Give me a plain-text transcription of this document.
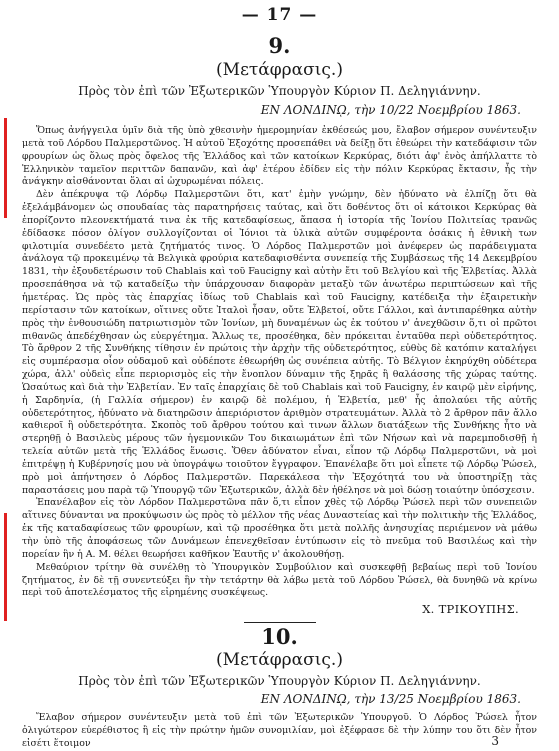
— 17 —
9.
(Μετάφρασις.)
Πρὸς τὸν ἐπὶ τῶν Ἐξωτερικῶν Ὑπουργὸν Κύριον Π. Δεληγιάννην.
ΕΝ ΛΟΝΔΙΝῼ, τὴν 10/22 Νοεμβρίου 1863.

Ὅπως ἀνήγγειλα ὑμῖν διὰ τῆς ὑπὸ χθεσινὴν ἡμερομηνίαν ἐκθέσεώς μου, ἔλαβον σήμερον συνέντευξιν μετὰ τοῦ Λόρδου Παλμερστῶνος. Ἡ αὐτοῦ Ἐξοχότης προσεπάθει νὰ δείξῃ ὅτι ἐθεώρει τὴν κατεδάφισιν τῶν φρουρίων ὡς ὅλως πρὸς ὄφελος τῆς Ἑλλάδος καὶ τῶν κατοίκων Κερκύρας, διότι ἀφ' ἑνὸς ἀπήλλαττε τὸ Ἑλληνικὸν ταμεῖον περιττῶν δαπανῶν, καὶ ἀφ' ἑτέρου ἐδίδεν εἰς τὴν πόλιν Κερκύρας ἔκτασιν, ἧς τὴν ἀνάγκην αἰσθάνονται ὅλαι αἱ ὠχυρωμέναι πόλεις.

Δὲν ἀπέκρυψα τῷ Λόρδῳ Παλμερστῶνι ὅτι, κατ' ἐμὴν γνώμην, δὲν ἠδύνατο νὰ ἐλπίζῃ ὅτι θὰ ἐξελάμβάνομεν ὡς σπουδαίας τὰς παρατηρήσεις ταύτας, καὶ ὅτι δοθέντος ὅτι οἱ κάτοικοι Κερκύρας θὰ ἐπορίζοντο πλεονεκτήματά τινα ἐκ τῆς κατεδαφίσεως, ἅπασα ἡ ἱστορία τῆς Ἰονίου Πολιτείας τρανῶς ἐδίδασκε πόσον ὀλίγον συλλογίζονται οἱ Ἰόνιοι τὰ ὑλικὰ αὐτῶν συμφέροντα ὁσάκις ἡ ἐθνικὴ των φιλοτιμία συνεδέετο μετὰ ζητήματός τινος. Ὁ Λόρδος Παλμερστῶν μοὶ ἀνέφερεν ὡς παράδειγματα ἀνάλογα τῷ προκειμένῳ τὰ Βελγικὰ φρούρια κατεδαφισθέντα συνεπείᾳ τῆς Συμβάσεως τῆς 14 Δεκεμβρίου 1831, τὴν ἐξουδετέρωσιν τοῦ Chablais καὶ τοῦ Faucigny καὶ αὐτὴν ἔτι τοῦ Βελγίου καὶ τῆς Ἑλβετίας. Ἀλλὰ προσεπάθησα νὰ τῷ καταδείξω τὴν ὑπάρχουσαν διαφορὰν μεταξὺ τῶν ἀνωτέρω περιπτώσεων καὶ τῆς ἡμετέρας. Ὡς πρὸς τὰς ἐπαρχίας ἰδίως τοῦ Chablais καὶ τοῦ Faucigny, κατέδειξα τὴν ἐξαιρετικὴν περίστασιν τῶν κατοίκων, οἵτινες οὔτε Ἰταλοὶ ἦσαν, οὔτε Ἑλβετοί, οὔτε Γάλλοι, καὶ ἀντιπαρέθηκα αὐτὴν πρὸς τὴν ἐνθουσιώδη πατριωτισμὸν τῶν Ἰονίων, μὴ δυναμένων ὡς ἐκ τούτου ν' ἀνεχθῶσιν ὅ,τι οἱ πρῶτοι πιθανῶς ἀπεδέχθησαν ὡς εὐεργέτημα. Ἄλλως τε, προσέθηκα, δὲν πρόκειται ἐνταῦθα περὶ οὐδετερότητος. Τὸ ἄρθρον 2 τῆς Συνθήκης τίθησιν ἐν πρώτοις τὴν ἀρχὴν τῆς οὐδετερότητος, εὐθὺς δὲ κατόπιν καταλήγει εἰς συμπέρασμα οἷον οὐδαμοῦ καὶ οὐδέποτε ἐθεωρήθη ὡς συνέπεια αὐτῆς. Τὸ Βέλγιον ἐκηρύχθη οὐδέτερα χώρα, ἀλλ' οὐδεὶς εἶπε περιορισμὸς εἰς τὴν ἔνοπλον δύναμιν τῆς ξηρᾶς ἢ θαλάσσης τῆς χώρας ταύτης. Ὡσαύτως καὶ διὰ τὴν Ἑλβετίαν. Ἐν ταῖς ἐπαρχίαις δὲ τοῦ Chablais καὶ τοῦ Faucigny, ἐν καιρῷ μὲν εἰρήνης, ἡ Σαρδηνία, (ἡ Γαλλία σήμερον) ἐν καιρῷ δὲ πολέμου, ἡ Ἑλβετία, μεθ' ἧς ἀπολαύει τῆς αὐτῆς οὐδετερότητος, ἠδύνατο νὰ διατηρῶσιν ἀπεριόριστον ἀριθμὸν στρατευμάτων. Ἀλλὰ τὸ 2 ἄρθρον πᾶν ἄλλο καθιεροῖ ἢ οὐδετερότητα. Σκοπὸς τοῦ ἄρθρου τούτου καὶ τινων ἄλλων διατάξεων τῆς Συνθήκης ἦτο νὰ στερηθῇ ὁ Βασιλεὺς μέρους τῶν ἡγεμονικῶν Του δικαιωμάτων ἐπὶ τῶν Νήσων καὶ νὰ παρεμποδισθῇ ἡ τελεία αὐτῶν μετὰ τῆς Ἑλλάδος ἕνωσις. Ὅθεν ἀδύνατον εἶναι, εἶπον τῷ Λόρδῳ Παλμερστῶνι, νὰ μοὶ ἐπιτρέψῃ ἡ Κυβέρνησίς μου νὰ ὑπογράψω τοιοῦτον ἔγγραφον. Ἐπανέλαβε ὅτι μοὶ εἶπετε τῷ Λόρδῳ Ῥώσελ, πρὸ μοὶ ἀπήντησεν ὁ Λόρδος Παλμερστῶν. Παρεκάλεσα τὴν Ἐξοχότητά του νὰ ὑποστηρίξῃ τὰς παραστάσεις μου παρὰ τῷ Ὑπουργῷ τῶν Ἐξωτερικῶν, ἀλλὰ δὲν ἠθέλησε νὰ μοὶ δώσῃ τοιαύτην ὑπόσχεσιν.

Ἐπανέλαβον εἰς τὸν Λόρδον Παλμερστῶνα πᾶν ὅ,τι εἶπον χθὲς τῷ Λόρδῳ Ῥώσελ περὶ τῶν συνεπειῶν αἵτινες δύνανται να προκύψωσιν ὡς πρὸς τὸ μέλλον τῆς νέας Δυναστείας καὶ τὴν πολιτικὴν τῆς Ἑλλάδος, ἐκ τῆς καταδαφίσεως τῶν φρουρίων, καὶ τῷ προσέθηκα ὅτι μετὰ πολλῆς ἀνησυχίας περιέμενον νὰ μάθω τὴν ὑπὸ τῆς ἀποφάσεως τῶν Δυνάμεων ἐπενεχθεῖσαν ἐντύπωσιν εἰς τὸ πνεῦμα τοῦ Βασιλέως καὶ τὴν πορείαν ἣν ἡ Α. Μ. θέλει θεωρήσει καθῆκον Ἑαυτῆς ν' ἀκολουθήσῃ.

Μεθαύριον τρίτην θὰ συνέλθῃ τὸ Ὑπουργικὸν Συμβούλιον καὶ συσκεφθῇ βεβαίως περὶ τοῦ Ἰονίου ζητήματος, ἐν δὲ τῇ συνεντεύξει ἣν τὴν τετάρτην θὰ λάβω μετὰ τοῦ Λόρδου Ῥώσελ, θὰ δυνηθῶ νὰ κρίνω περὶ τοῦ ἀποτελέσματος τῆς εἰρημένης συσκέψεως.

Χ. ΤΡΙΚΟΥΠΗΣ.
10.
(Μετάφρασις.)
Πρὸς τὸν ἐπὶ τῶν Ἐξωτερικῶν Ὑπουργὸν Κύριον Π. Δεληγιάννην.
ΕΝ ΛΟΝΔΙΝῼ, τὴν 13/25 Νοεμβρίου 1863.

Ἔλαβον σήμερον συνέντευξιν μετὰ τοῦ ἐπὶ τῶν Ἐξωτερικῶν Ὑπουργοῦ. Ὁ Λόρδος Ῥώσελ ἦτον ὀλιγώτερον εὐερέθιστος ἢ εἰς τὴν πρώτην ἡμῶν συνομιλίαν, μοὶ ἐξέφρασε δὲ τὴν λύπην του ὅτι δὲν ἦτον εἰσέτι ἕτοιμον	3
